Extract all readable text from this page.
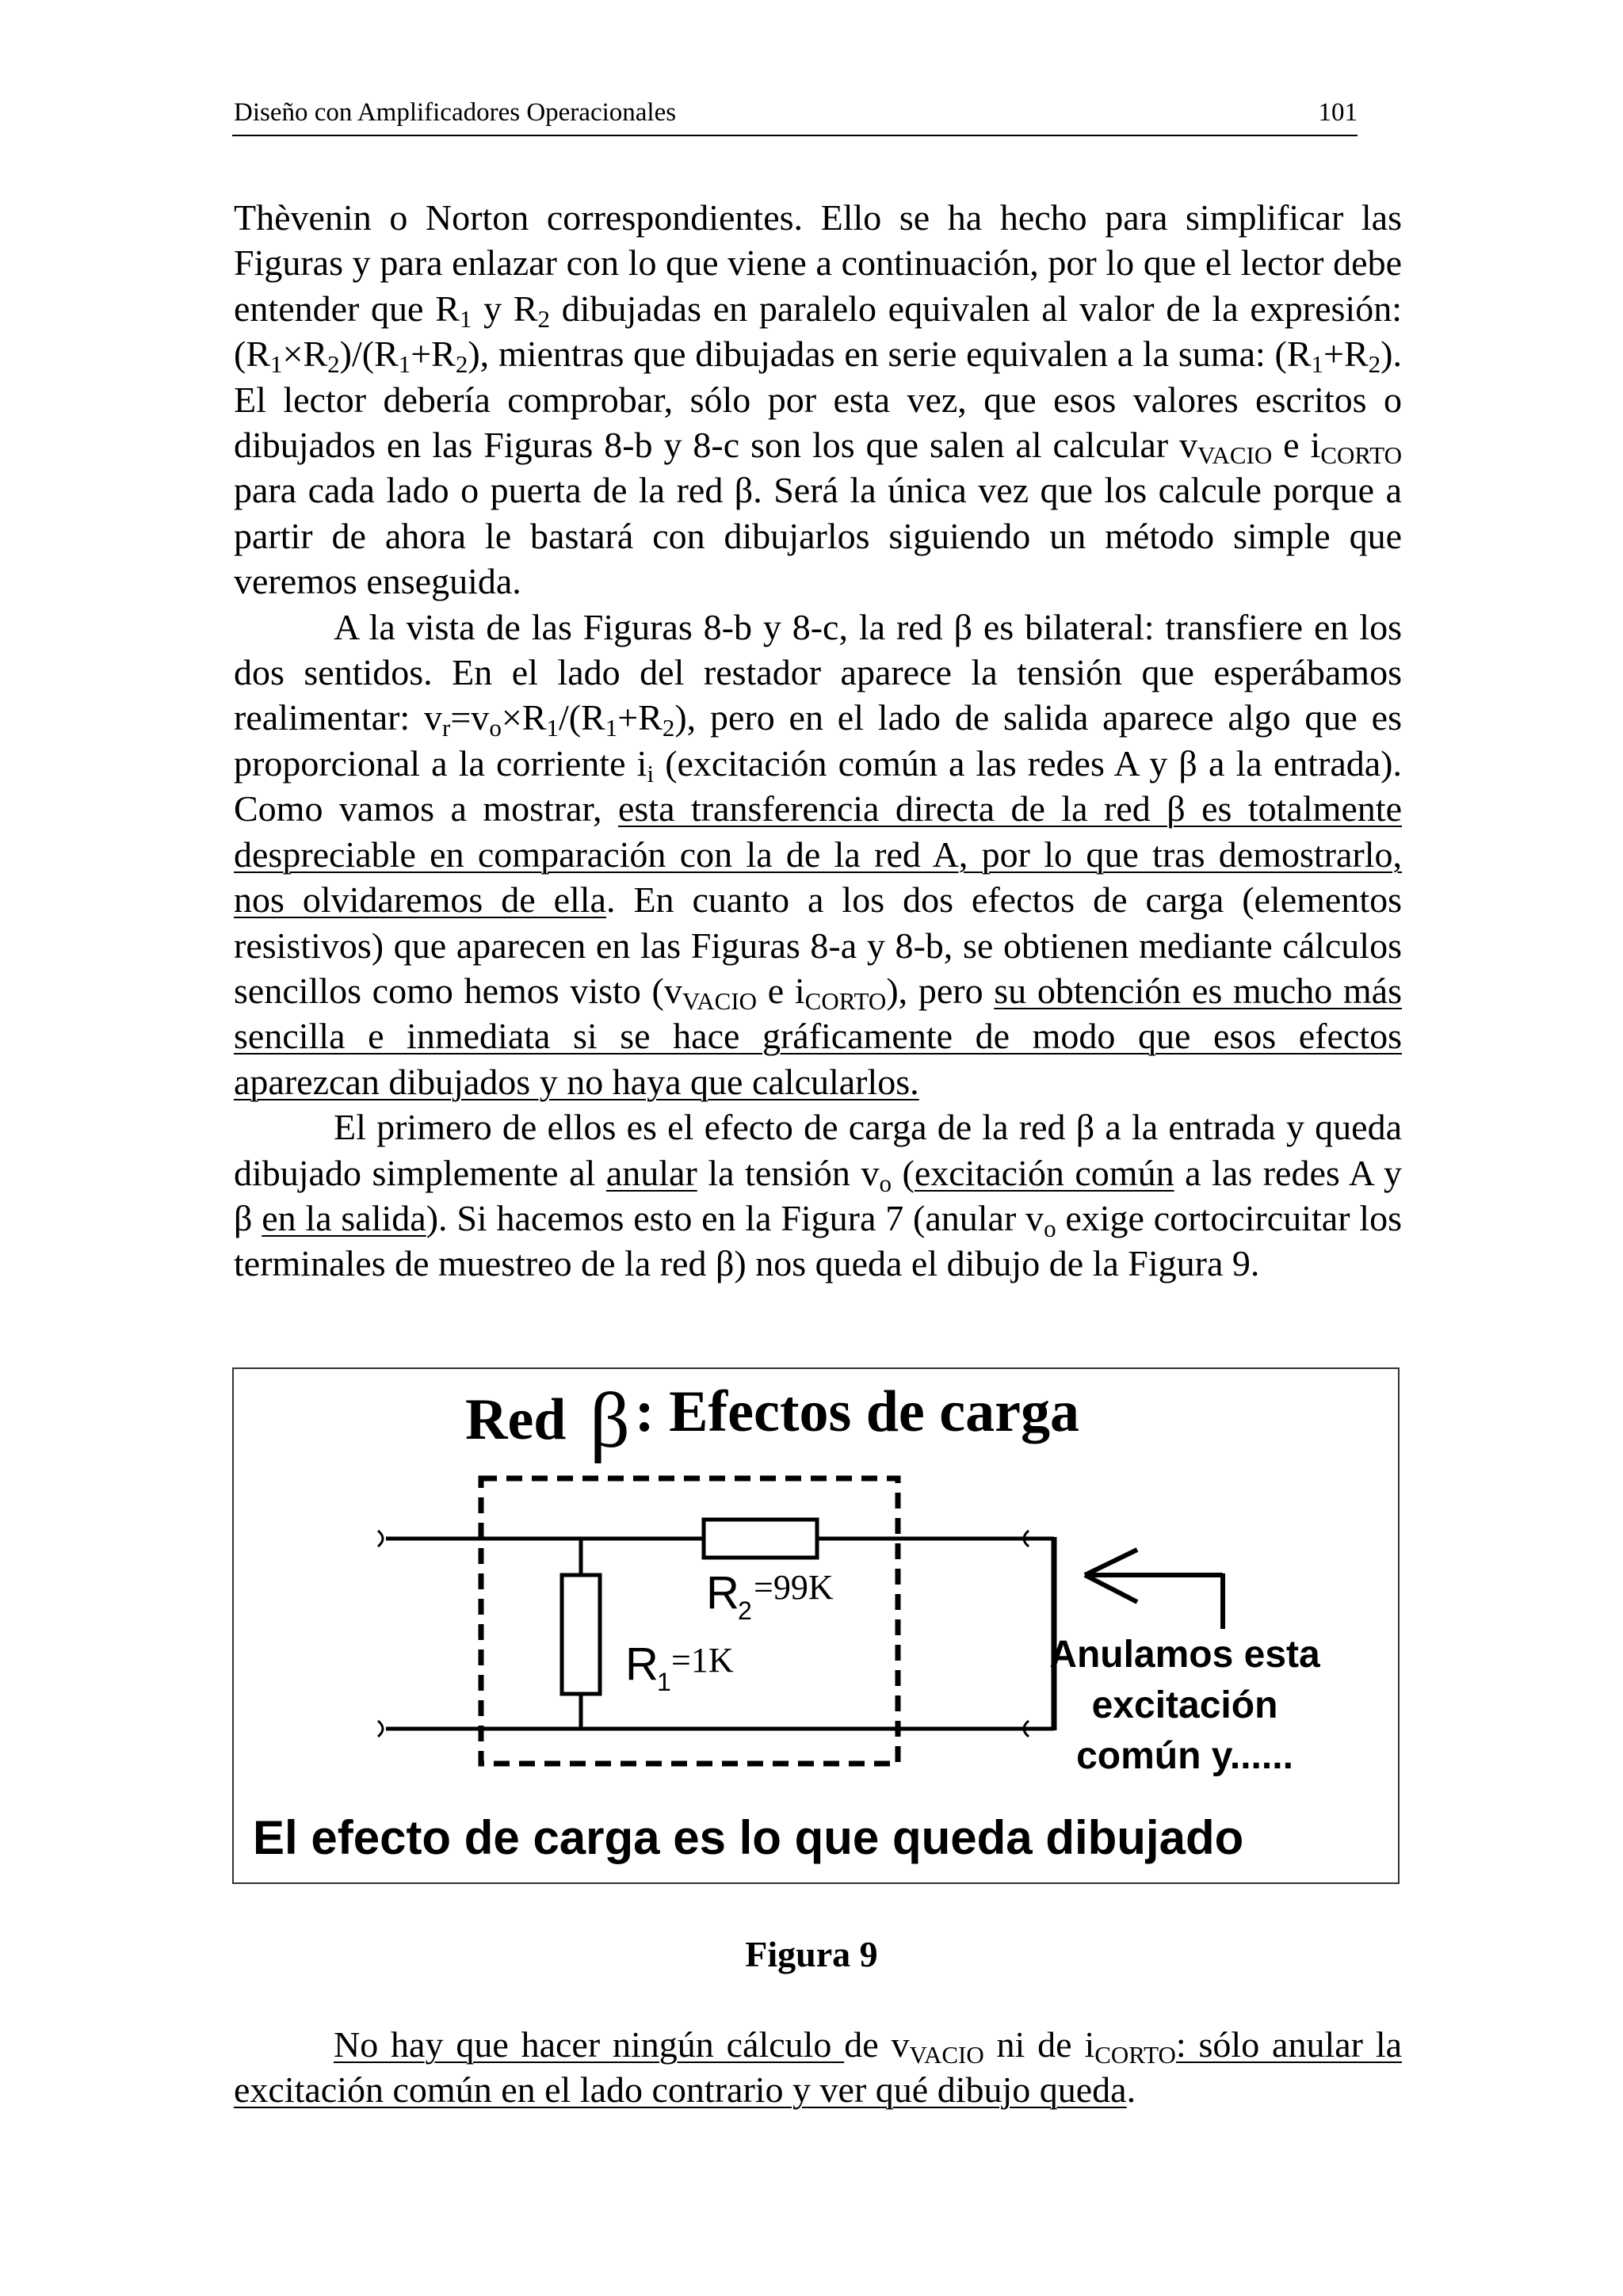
Diseño con Amplificadores Operacionales	101

Thèvenin o Norton correspondientes. Ello se ha hecho para simplificar las Figuras y para enlazar con lo que viene a continuación, por lo que el lector debe entender que $R_1$ y $R_2$ dibujadas en paralelo equivalen al valor de la expresión: $(R_1\times R_2)/(R_1+R_2)$, mientras que dibujadas en serie equivalen a la suma: $(R_1+R_2)$. El lector debería comprobar, sólo por esta vez, que esos valores escritos o dibujados en las Figuras 8-b y 8-c son los que salen al calcular $v_{VACIO}$ e $i_{CORTO}$ para cada lado o puerta de la red β. Será la única vez que los calcule porque a partir de ahora le bastará con dibujarlos siguiendo un método simple que veremos enseguida.

A la vista de las Figuras 8-b y 8-c, la red β es bilateral: transfiere en los dos sentidos. En el lado del restador aparece la tensión que esperábamos realimentar: $v_r=v_o\times R_1/(R_1+R_2)$, pero en el lado de salida aparece algo que es proporcional a la corriente $i_i$ (excitación común a las redes A y β a la entrada). Como vamos a mostrar, esta transferencia directa de la red β es totalmente despreciable en comparación con la de la red A, por lo que tras demostrarlo, nos olvidaremos de ella. En cuanto a los dos efectos de carga (elementos resistivos) que aparecen en las Figuras 8-a y 8-b, se obtienen mediante cálculos sencillos como hemos visto ($v_{VACIO}$ e $i_{CORTO}$), pero su obtención es mucho más sencilla e inmediata si se hace gráficamente de modo que esos efectos aparezcan dibujados y no haya que calcularlos.

El primero de ellos es el efecto de carga de la red β a la entrada y queda dibujado simplemente al anular la tensión $v_o$ (excitación común a las redes A y β en la salida). Si hacemos esto en la Figura 7 (anular $v_o$ exige cortocircuitar los terminales de muestreo de la red β) nos queda el dibujo de la Figura 9.

Red β : Efectos de carga
R
2
=99K
R
1
=1K	Anulamos esta
excitación
común y......
El efecto de carga es lo que queda dibujado
Figura 9

No hay que hacer ningún cálculo de $v_{VACIO}$ ni de $i_{CORTO}$: sólo anular la excitación común en el lado contrario y ver qué dibujo queda.
